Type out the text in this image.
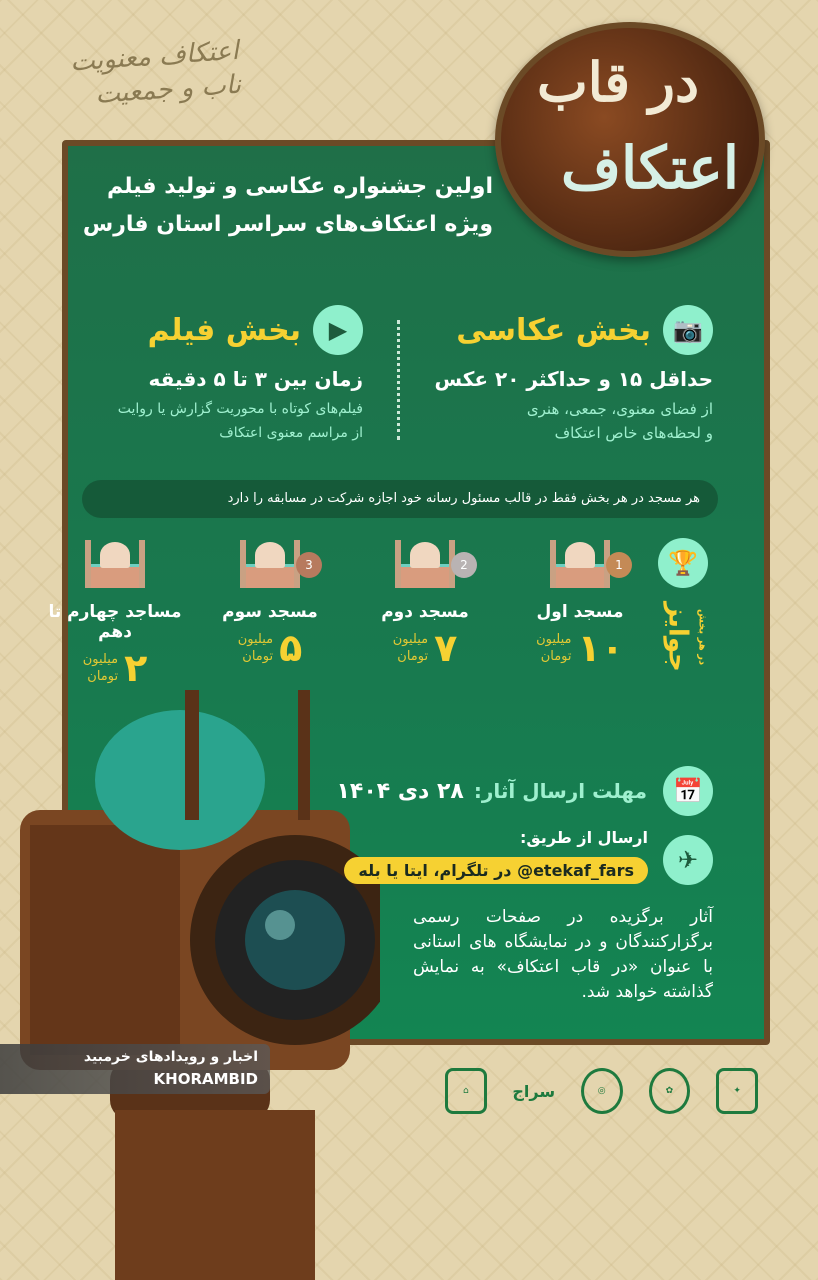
اعتکاف معنویت ناب و جمعیت	در قاب
اعتکاف
اولین جشنواره عکاسی و تولید فیلم
ویژه اعتکاف‌های سراسر استان فارس
📷
بخش عکاسی
حداقل ۱۵ و حداکثر ۲۰ عکس
از فضای معنوی، جمعی، هنری
و لحظه‌های خاص اعتکاف
▶
بخش فیلم
زمان بین ۳ تا ۵ دقیقه
فیلم‌های کوتاه با محوریت گزارش یا روایت
از مراسم معنوی اعتکاف
هر مسجد در هر بخش فقط در قالب مسئول رسانه خود اجازه شرکت در مسابقه را دارد
🏆
در هر بخش
جوایز
1
مسجد اول
۱۰
میلیون
تومان
2
مسجد دوم
۷
میلیون
تومان
3
مسجد سوم
۵
میلیون
تومان
مساجد چهارم تا دهم
۲
میلیون
تومان
📅
مهلت ارسال آثار:
۲۸ دی ۱۴۰۴
✈
ارسال از طریق:
etekaf_fars@ در تلگرام، ایتا یا بله
آثار برگزیده در صفحات رسمی برگزارکنندگان و در نمایشگاه های استانی با عنوان «در قاب اعتکاف» به نمایش گذاشته خواهد شد.
اخبار و رویدادهای خرمبید
KHORAMBID
✦
✿
◎
سراج
⌂
